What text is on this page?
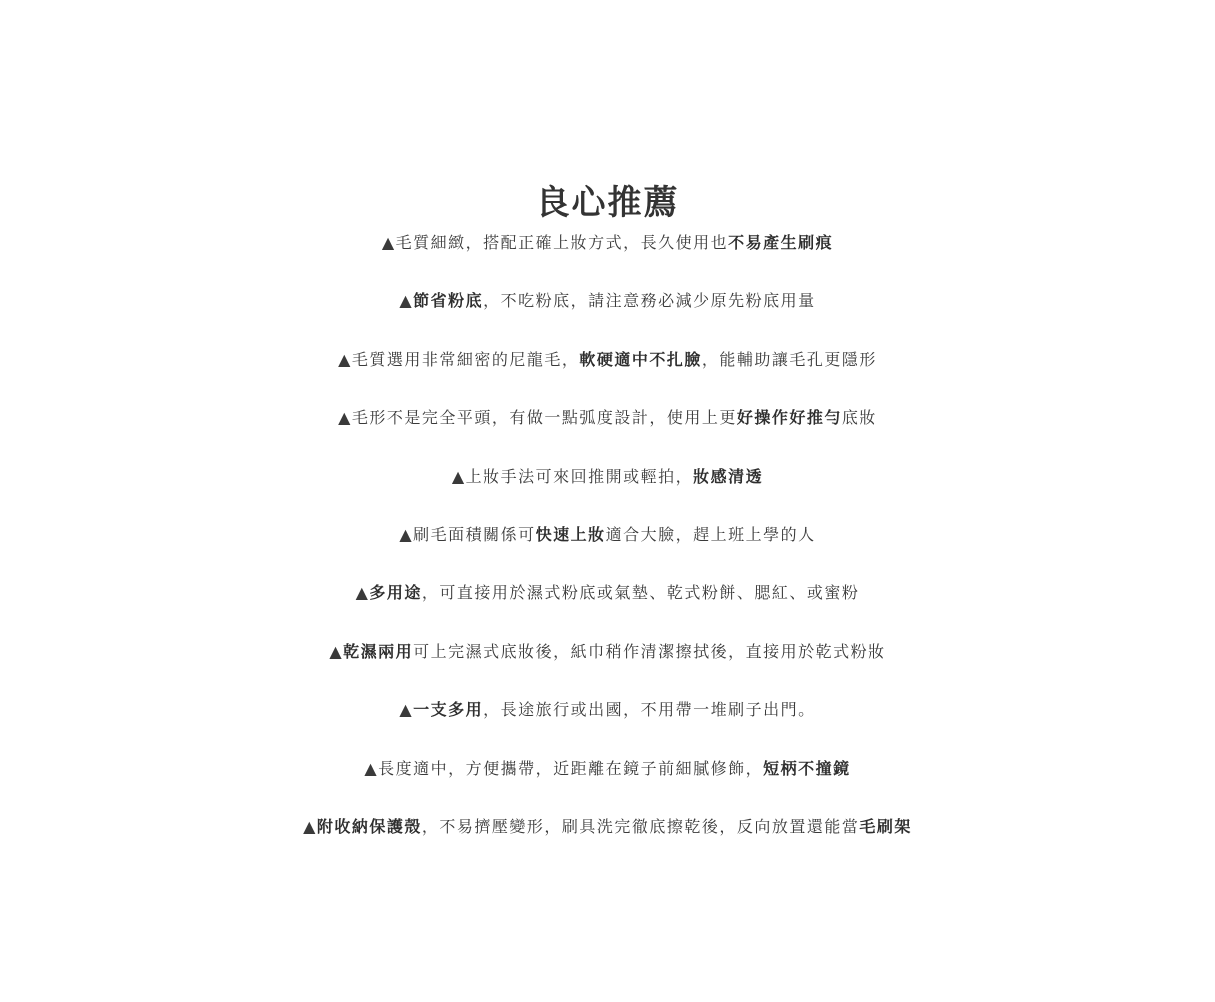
良心推薦
▲毛質細緻，搭配正確上妝方式，長久使用也不易產生刷痕
▲節省粉底，不吃粉底，請注意務必減少原先粉底用量
▲毛質選用非常細密的尼龍毛，軟硬適中不扎臉，能輔助讓毛孔更隱形
▲毛形不是完全平頭，有做一點弧度設計，使用上更好操作好推勻底妝
▲上妝手法可來回推開或輕拍，妝感清透
▲刷毛面積關係可快速上妝適合大臉，趕上班上學的人
▲多用途，可直接用於濕式粉底或氣墊、乾式粉餅、腮紅、或蜜粉
▲乾濕兩用可上完濕式底妝後，紙巾稍作清潔擦拭後，直接用於乾式粉妝
▲一支多用，長途旅行或出國，不用帶一堆刷子出門。
▲長度適中，方便攜帶，近距離在鏡子前細膩修飾，短柄不撞鏡
▲附收納保護殼，不易擠壓變形，刷具洗完徹底擦乾後，反向放置還能當毛刷架
